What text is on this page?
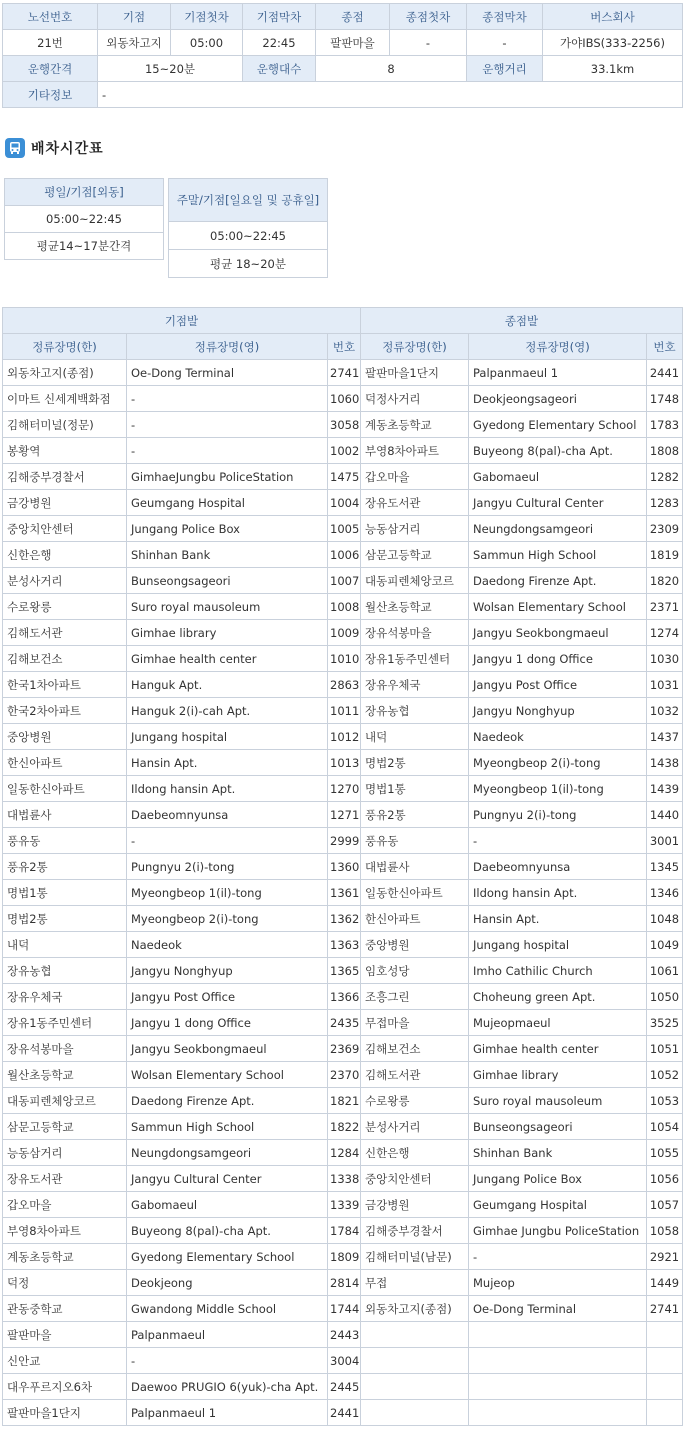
노선번호	기점	기점첫차	기점막차	종점	종점첫차	종점막차	버스회사
21번	외동차고지	05:00	22:45	팔판마을	-	-	가야IBS(333-2256)
운행간격	15~20분		운행대수	8		운행거리	33.1km
기타정보	-						
배차시간표
평일/기점[외동]
05:00~22:45
평균14~17분간격
주말/기점[일요일 및 공휴일]
05:00~22:45
평균 18~20분
기점발			종점발		
정류장명(한)	정류장명(영)	번호	정류장명(한)	정류장명(영)	번호
외동차고지(종점)	Oe-Dong Terminal	2741	팔판마을1단지	Palpanmaeul 1	2441
이마트 신세계백화점	-	1060	덕정사거리	Deokjeongsageori	1748
김해터미널(정문)	-	3058	계동초등학교	Gyedong Elementary School	1783
봉황역	-	1002	부영8차아파트	Buyeong 8(pal)-cha Apt.	1808
김해중부경찰서	GimhaeJungbu PoliceStation	1475	갑오마을	Gabomaeul	1282
금강병원	Geumgang Hospital	1004	장유도서관	Jangyu Cultural Center	1283
중앙치안센터	Jungang Police Box	1005	능동삼거리	Neungdongsamgeori	2309
신한은행	Shinhan Bank	1006	삼문고등학교	Sammun High School	1819
분성사거리	Bunseongsageori	1007	대동피렌체앙코르	Daedong Firenze Apt.	1820
수로왕릉	Suro royal mausoleum	1008	월산초등학교	Wolsan Elementary School	2371
김해도서관	Gimhae library	1009	장유석봉마을	Jangyu Seokbongmaeul	1274
김해보건소	Gimhae health center	1010	장유1동주민센터	Jangyu 1 dong Office	1030
한국1차아파트	Hanguk Apt.	2863	장유우체국	Jangyu Post Office	1031
한국2차아파트	Hanguk 2(i)-cah Apt.	1011	장유농협	Jangyu Nonghyup	1032
중앙병원	Jungang hospital	1012	내덕	Naedeok	1437
한신아파트	Hansin Apt.	1013	명법2통	Myeongbeop 2(i)-tong	1438
일동한신아파트	Ildong hansin Apt.	1270	명법1통	Myeongbeop 1(il)-tong	1439
대법륜사	Daebeomnyunsa	1271	풍유2통	Pungnyu 2(i)-tong	1440
풍유동	-	2999	풍유동	-	3001
풍유2통	Pungnyu 2(i)-tong	1360	대법륜사	Daebeomnyunsa	1345
명법1통	Myeongbeop 1(il)-tong	1361	일동한신아파트	Ildong hansin Apt.	1346
명법2통	Myeongbeop 2(i)-tong	1362	한신아파트	Hansin Apt.	1048
내덕	Naedeok	1363	중앙병원	Jungang hospital	1049
장유농협	Jangyu Nonghyup	1365	임호성당	Imho Cathilic Church	1061
장유우체국	Jangyu Post Office	1366	조흥그린	Choheung green Apt.	1050
장유1동주민센터	Jangyu 1 dong Office	2435	무접마을	Mujeopmaeul	3525
장유석봉마을	Jangyu Seokbongmaeul	2369	김해보건소	Gimhae health center	1051
월산초등학교	Wolsan Elementary School	2370	김해도서관	Gimhae library	1052
대동피렌체앙코르	Daedong Firenze Apt.	1821	수로왕릉	Suro royal mausoleum	1053
삼문고등학교	Sammun High School	1822	분성사거리	Bunseongsageori	1054
능동삼거리	Neungdongsamgeori	1284	신한은행	Shinhan Bank	1055
장유도서관	Jangyu Cultural Center	1338	중앙치안센터	Jungang Police Box	1056
갑오마을	Gabomaeul	1339	금강병원	Geumgang Hospital	1057
부영8차아파트	Buyeong 8(pal)-cha Apt.	1784	김해중부경찰서	Gimhae Jungbu PoliceStation	1058
계동초등학교	Gyedong Elementary School	1809	김해터미널(남문)	-	2921
덕정	Deokjeong	2814	무접	Mujeop	1449
관동중학교	Gwandong Middle School	1744	외동차고지(종점)	Oe-Dong Terminal	2741
팔판마을	Palpanmaeul	2443			
신안교	-	3004			
대우푸르지오6차	Daewoo PRUGIO 6(yuk)-cha Apt.	2445			
팔판마을1단지	Palpanmaeul 1	2441			
